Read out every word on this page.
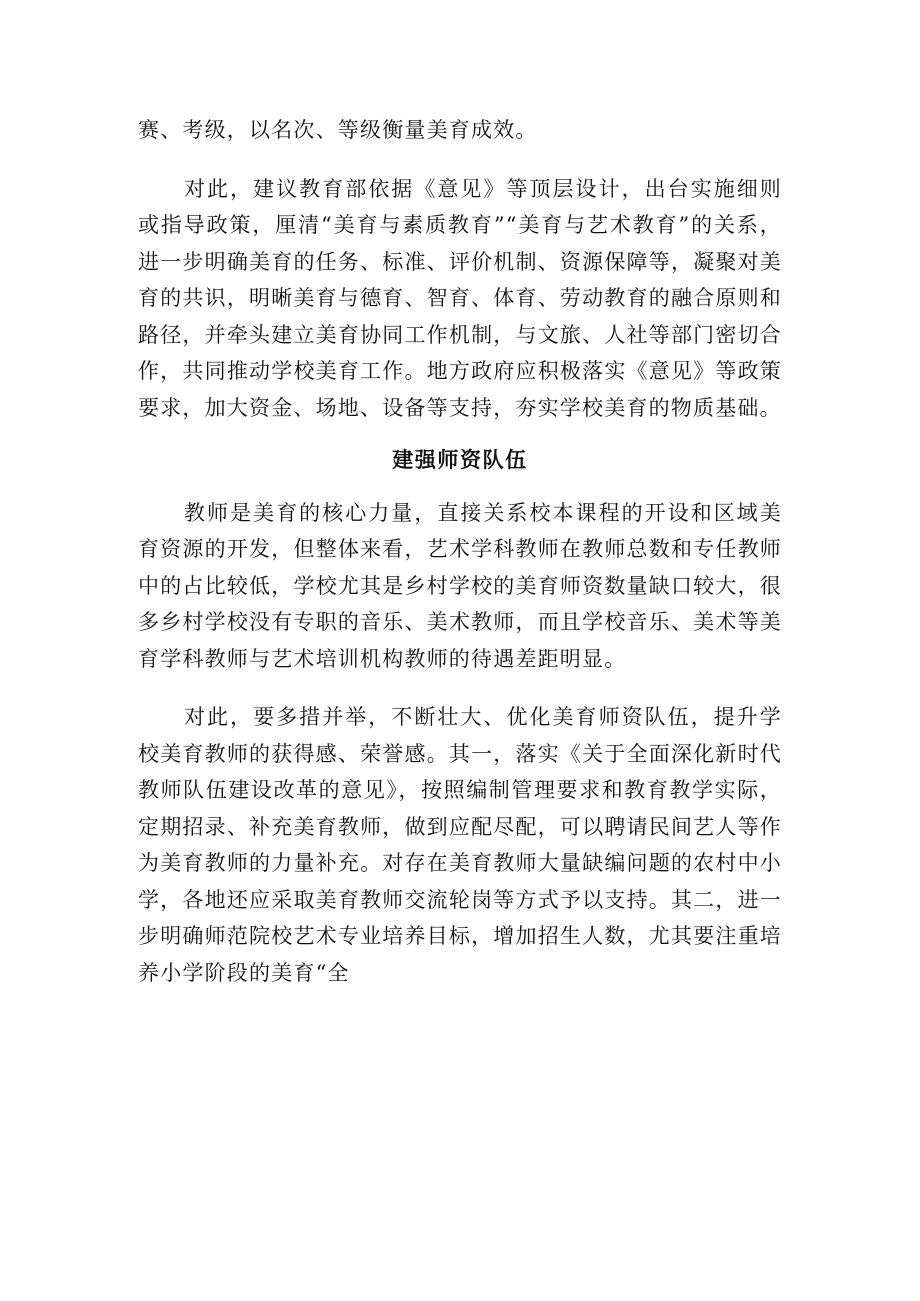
赛、考级，以名次、等级衡量美育成效。

对此，建议教育部依据《意见》等顶层设计，出台实施细则或指导政策，厘清“美育与素质教育”“美育与艺术教育”的关系，进一步明确美育的任务、标准、评价机制、资源保障等，凝聚对美育的共识，明晰美育与德育、智育、体育、劳动教育的融合原则和路径，并牵头建立美育协同工作机制，与文旅、人社等部门密切合作，共同推动学校美育工作。地方政府应积极落实《意见》等政策要求，加大资金、场地、设备等支持，夯实学校美育的物质基础。

建强师资队伍

教师是美育的核心力量，直接关系校本课程的开设和区域美育资源的开发，但整体来看，艺术学科教师在教师总数和专任教师中的占比较低，学校尤其是乡村学校的美育师资数量缺口较大，很多乡村学校没有专职的音乐、美术教师，而且学校音乐、美术等美育学科教师与艺术培训机构教师的待遇差距明显。

对此，要多措并举，不断壮大、优化美育师资队伍，提升学校美育教师的获得感、荣誉感。其一，落实《关于全面深化新时代教师队伍建设改革的意见》，按照编制管理要求和教育教学实际，定期招录、补充美育教师，做到应配尽配，可以聘请民间艺人等作为美育教师的力量补充。对存在美育教师大量缺编问题的农村中小学，各地还应采取美育教师交流轮岗等方式予以支持。其二，进一步明确师范院校艺术专业培养目标，增加招生人数，尤其要注重培养小学阶段的美育“全
